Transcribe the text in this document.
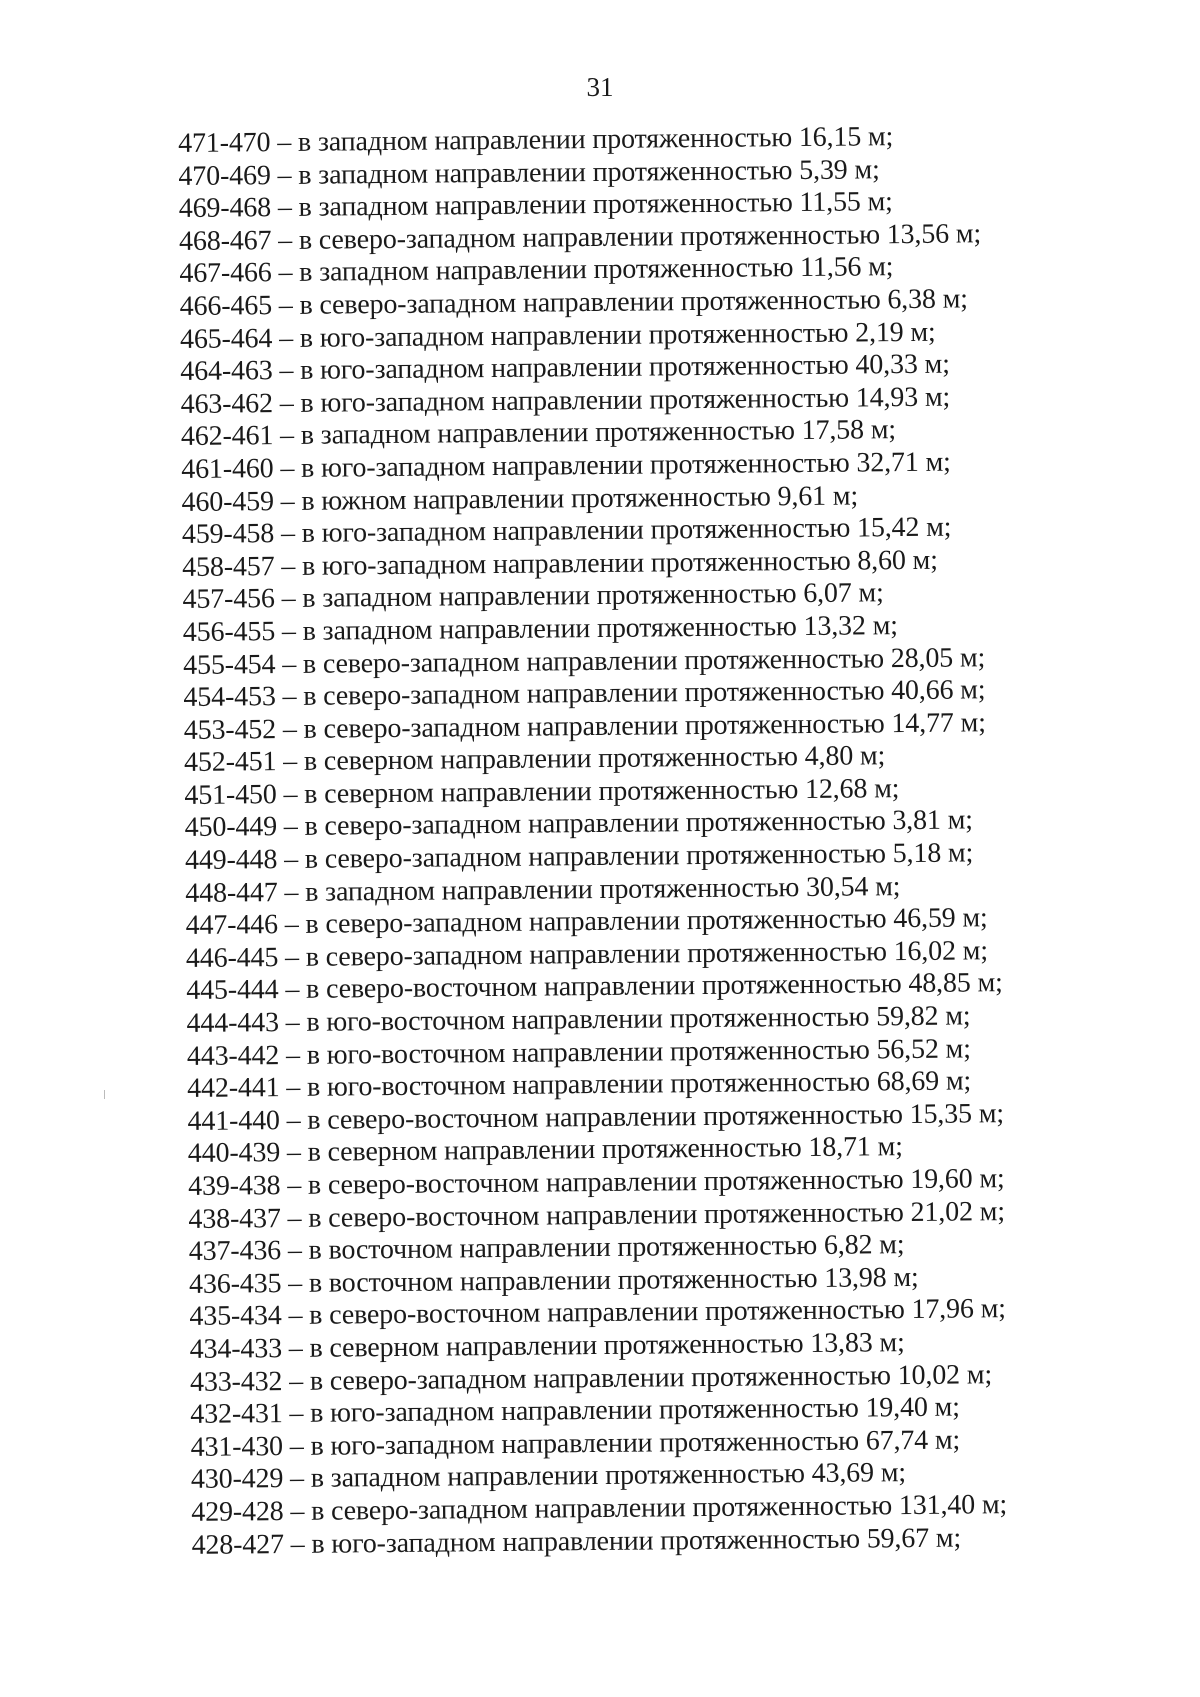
31
471-470 – в западном направлении протяженностью 16,15 м;
470-469 – в западном направлении протяженностью 5,39 м;
469-468 – в западном направлении протяженностью 11,55 м;
468-467 – в северо-западном направлении протяженностью 13,56 м;
467-466 – в западном направлении протяженностью 11,56 м;
466-465 – в северо-западном направлении протяженностью 6,38 м;
465-464 – в юго-западном направлении протяженностью 2,19 м;
464-463 – в юго-западном направлении протяженностью 40,33 м;
463-462 – в юго-западном направлении протяженностью 14,93 м;
462-461 – в западном направлении протяженностью 17,58 м;
461-460 – в юго-западном направлении протяженностью 32,71 м;
460-459 – в южном направлении протяженностью 9,61 м;
459-458 – в юго-западном направлении протяженностью 15,42 м;
458-457 – в юго-западном направлении протяженностью 8,60 м;
457-456 – в западном направлении протяженностью 6,07 м;
456-455 – в западном направлении протяженностью 13,32 м;
455-454 – в северо-западном направлении протяженностью 28,05 м;
454-453 – в северо-западном направлении протяженностью 40,66 м;
453-452 – в северо-западном направлении протяженностью 14,77 м;
452-451 – в северном направлении протяженностью 4,80 м;
451-450 – в северном направлении протяженностью 12,68 м;
450-449 – в северо-западном направлении протяженностью 3,81 м;
449-448 – в северо-западном направлении протяженностью 5,18 м;
448-447 – в западном направлении протяженностью 30,54 м;
447-446 – в северо-западном направлении протяженностью 46,59 м;
446-445 – в северо-западном направлении протяженностью 16,02 м;
445-444 – в северо-восточном направлении протяженностью 48,85 м;
444-443 – в юго-восточном направлении протяженностью 59,82 м;
443-442 – в юго-восточном направлении протяженностью 56,52 м;
442-441 – в юго-восточном направлении протяженностью 68,69 м;
441-440 – в северо-восточном направлении протяженностью 15,35 м;
440-439 – в северном направлении протяженностью 18,71 м;
439-438 – в северо-восточном направлении протяженностью 19,60 м;
438-437 – в северо-восточном направлении протяженностью 21,02 м;
437-436 – в восточном направлении протяженностью 6,82 м;
436-435 – в восточном направлении протяженностью 13,98 м;
435-434 – в северо-восточном направлении протяженностью 17,96 м;
434-433 – в северном направлении протяженностью 13,83 м;
433-432 – в северо-западном направлении протяженностью 10,02 м;
432-431 – в юго-западном направлении протяженностью 19,40 м;
431-430 – в юго-западном направлении протяженностью 67,74 м;
430-429 – в западном направлении протяженностью 43,69 м;
429-428 – в северо-западном направлении протяженностью 131,40 м;
428-427 – в юго-западном направлении протяженностью 59,67 м;
